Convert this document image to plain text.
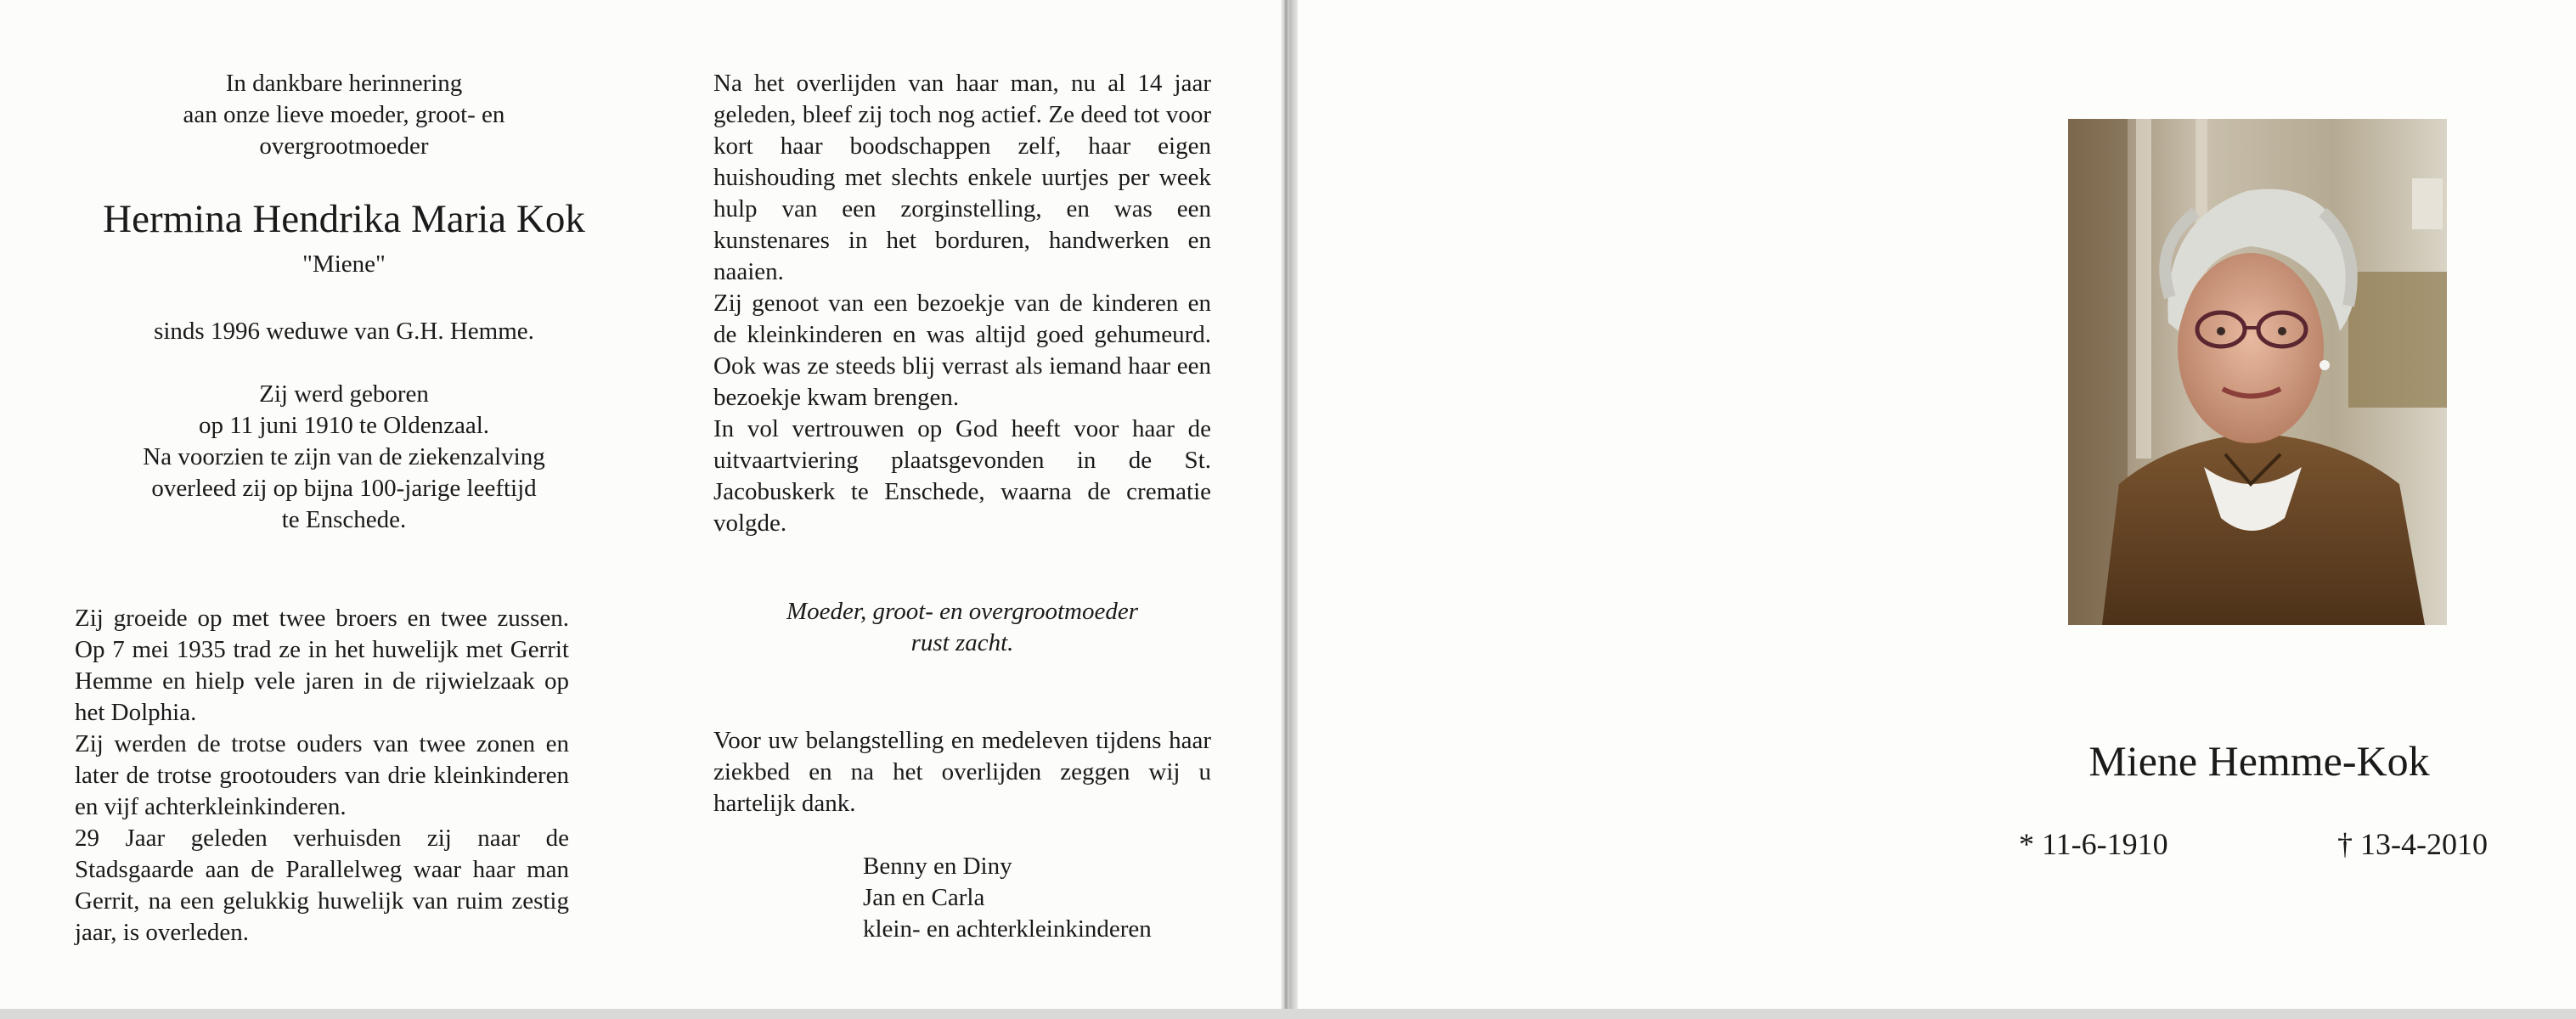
In dankbare herinnering
aan onze lieve moeder, groot- en
overgrootmoeder
Hermina Hendrika Maria Kok
"Miene"
sinds 1996 weduwe van G.H. Hemme.
Zij werd geboren
op 11 juni 1910 te Oldenzaal.
Na voorzien te zijn van de ziekenzalving
overleed zij op bijna 100-jarige leeftijd
te Enschede.

Zij groeide op met twee broers en twee zussen. Op 7 mei 1935 trad ze in het huwelijk met Gerrit Hemme en hielp vele jaren in de rijwielzaak op het Dolphia.

Zij werden de trotse ouders van twee zonen en later de trotse grootouders van drie kleinkinderen en vijf achterkleinkinderen.

29 Jaar geleden verhuisden zij naar de Stadsgaarde aan de Parallelweg waar haar man Gerrit, na een gelukkig huwelijk van ruim zestig jaar, is overleden.

Na het overlijden van haar man, nu al 14 jaar geleden, bleef zij toch nog actief. Ze deed tot voor kort haar boodschappen zelf, haar eigen huishouding met slechts enkele uurtjes per week hulp van een zorginstelling, en was een kunstenares in het borduren, handwerken en naaien.

Zij genoot van een bezoekje van de kinderen en de kleinkinderen en was altijd goed gehumeurd. Ook was ze steeds blij verrast als iemand haar een bezoekje kwam brengen.

In vol vertrouwen op God heeft voor haar de uitvaartviering plaatsgevonden in de St. Jacobuskerk te Enschede, waarna de crematie volgde.

Moeder, groot- en overgrootmoeder
rust zacht.

Voor uw belangstelling en medeleven tijdens haar ziekbed en na het overlijden zeggen wij u hartelijk dank.

Benny en Diny
Jan en Carla
klein- en achterkleinkinderen
Miene Hemme-Kok
* 11-6-1910	† 13-4-2010
